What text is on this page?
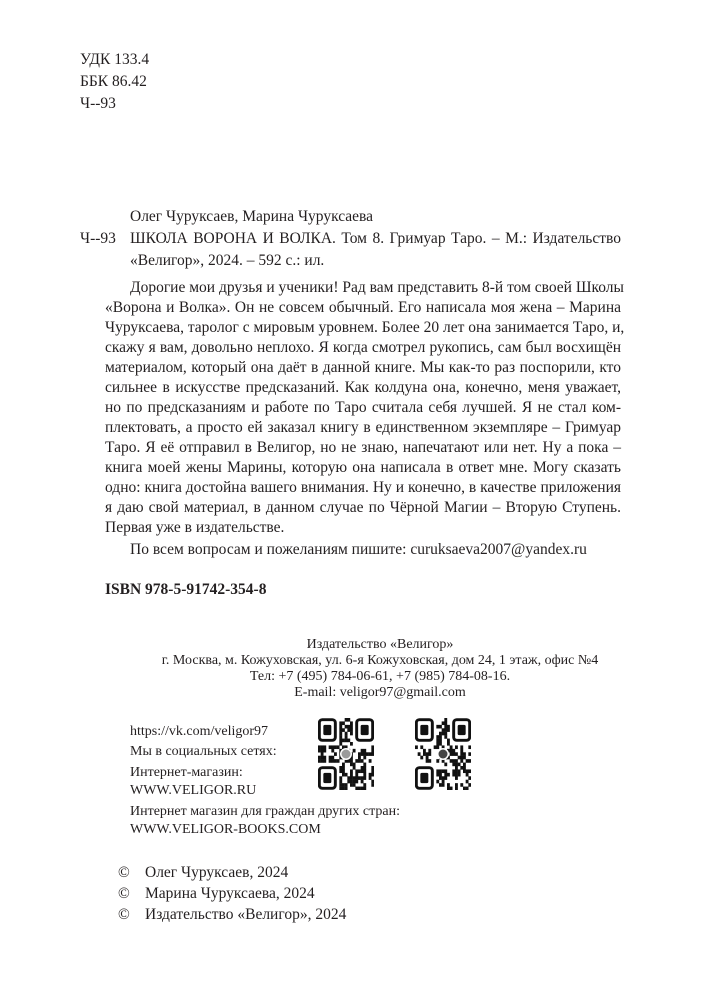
УДК 133.4
ББК 86.42
Ч--93
Олег Чуруксаев, Марина Чуруксаева
Ч--93 ШКОЛА ВОРОНА И ВОЛКА. Том 8. Гримуар Таро. – М.: Издательство
«Велигор», 2024. – 592 с.: ил.
Дорогие мои друзья и ученики! Рад вам представить 8-й том своей Школы
«Ворона и Волка». Он не совсем обычный. Его написала моя жена – Марина
Чуруксаева, таролог с мировым уровнем. Более 20 лет она занимается Таро, и,
скажу я вам, довольно неплохо. Я когда смотрел рукопись, сам был восхищён
материалом, который она даёт в данной книге. Мы как-то раз поспорили, кто
сильнее в искусстве предсказаний. Как колдуна она, конечно, меня уважает,
но по предсказаниям и работе по Таро считала себя лучшей. Я не стал ком-
плектовать, а просто ей заказал книгу в единственном экземпляре – Гримуар
Таро. Я её отправил в Велигор, но не знаю, напечатают или нет. Ну а пока –
книга моей жены Марины, которую она написала в ответ мне. Могу сказать
одно: книга достойна вашего внимания. Ну и конечно, в качестве приложения
я даю свой материал, в данном случае по Чёрной Магии – Вторую Ступень.
Первая уже в издательстве.
По всем вопросам и пожеланиям пишите: curuksaeva2007@yandex.ru
ISBN 978-5-91742-354-8
Издательство «Велигор»
г. Москва, м. Кожуховская, ул. 6-я Кожуховская, дом 24, 1 этаж, офис №4
Тел: +7 (495) 784-06-61, +7 (985) 784-08-16.
E-mail: veligor97@gmail.com
https://vk.com/veligor97
Мы в социальных сетях:
Интернет-магазин:
WWW.VELIGOR.RU
Интернет магазин для граждан других стран:
WWW.VELIGOR-BOOKS.COM
© Олег Чуруксаев, 2024
© Марина Чуруксаева, 2024
© Издательство «Велигор», 2024
